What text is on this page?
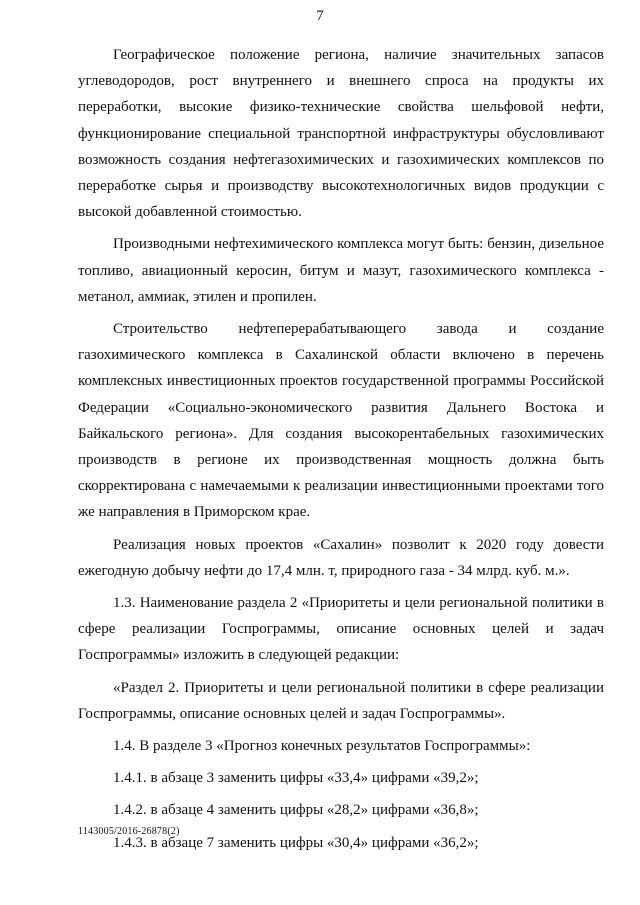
7

Географическое положение региона, наличие значительных запасов углеводородов, рост внутреннего и внешнего спроса на продукты их переработки, высокие физико-технические свойства шельфовой нефти, функционирование специальной транспортной инфраструктуры обусловливают возможность создания нефтегазохимических и газохимических комплексов по переработке сырья и производству высокотехнологичных видов продукции с высокой добавленной стоимостью.

Производными нефтехимического комплекса могут быть: бензин, дизельное топливо, авиационный керосин, битум и мазут, газохимического комплекса - метанол, аммиак, этилен и пропилен.

Строительство нефтеперерабатывающего завода и создание газохимического комплекса в Сахалинской области включено в перечень комплексных инвестиционных проектов государственной программы Российской Федерации «Социально-экономического развития Дальнего Востока и Байкальского региона». Для создания высокорентабельных газохимических производств в регионе их производственная мощность должна быть скорректирована с намечаемыми к реализации инвестиционными проектами того же направления в Приморском крае.

Реализация новых проектов «Сахалин» позволит к 2020 году довести ежегодную добычу нефти до 17,4 млн. т, природного газа - 34 млрд. куб. м.».

1.3. Наименование раздела 2 «Приоритеты и цели региональной политики в сфере реализации Госпрограммы, описание основных целей и задач Госпрограммы» изложить в следующей редакции:

«Раздел 2. Приоритеты и цели региональной политики в сфере реализации Госпрограммы, описание основных целей и задач Госпрограммы».

1.4. В разделе 3 «Прогноз конечных результатов Госпрограммы»:

1.4.1. в абзаце 3 заменить цифры «33,4» цифрами «39,2»;

1.4.2. в абзаце 4 заменить цифры «28,2» цифрами «36,8»;

1.4.3. в абзаце 7 заменить цифры «30,4» цифрами «36,2»;

1143005/2016-26878(2)
